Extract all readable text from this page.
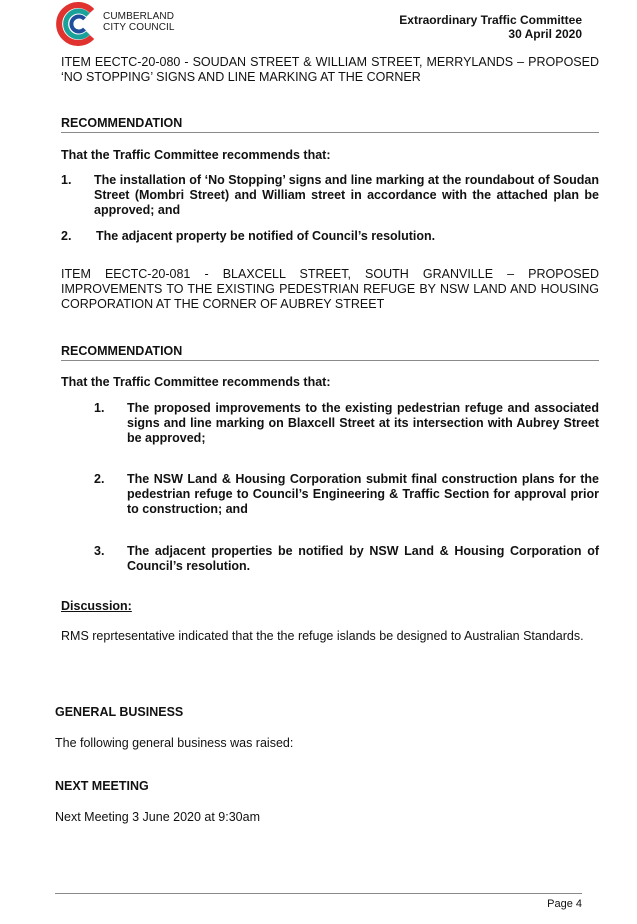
CUMBERLAND
CITY COUNCIL
Extraordinary Traffic Committee
30 April 2020
ITEM EECTC-20-080 - SOUDAN STREET & WILLIAM STREET, MERRYLANDS – PROPOSED ‘NO STOPPING’ SIGNS AND LINE MARKING AT THE CORNER
RECOMMENDATION
That the Traffic Committee recommends that:
1. The installation of ‘No Stopping’ signs and line marking at the roundabout of Soudan Street (Mombri Street) and William street in accordance with the attached plan be approved; and
2. The adjacent property be notified of Council’s resolution.
ITEM EECTC-20-081 - BLAXCELL STREET, SOUTH GRANVILLE – PROPOSED IMPROVEMENTS TO THE EXISTING PEDESTRIAN REFUGE BY NSW LAND AND HOUSING CORPORATION AT THE CORNER OF AUBREY STREET
RECOMMENDATION
That the Traffic Committee recommends that:
1. The proposed improvements to the existing pedestrian refuge and associated signs and line marking on Blaxcell Street at its intersection with Aubrey Street be approved;
2. The NSW Land & Housing Corporation submit final construction plans for the pedestrian refuge to Council’s Engineering & Traffic Section for approval prior to construction; and
3. The adjacent properties be notified by NSW Land & Housing Corporation of Council’s resolution.
Discussion:
RMS reprtesentative indicated that the the refuge islands be designed to Australian Standards.
GENERAL BUSINESS
The following general business was raised:
NEXT MEETING
Next Meeting 3 June 2020 at 9:30am
Page 4
